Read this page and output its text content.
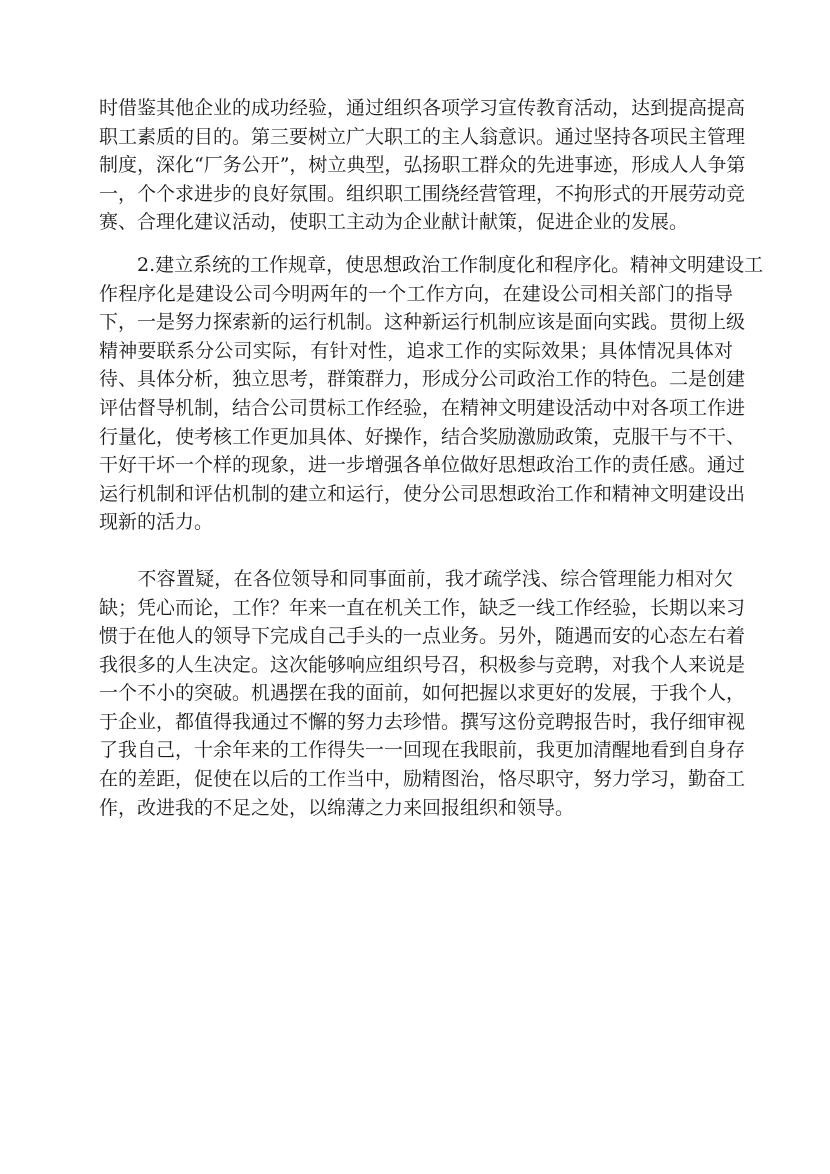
时借鉴其他企业的成功经验，通过组织各项学习宣传教育活动，达到提高提高
职工素质的目的。第三要树立广大职工的主人翁意识。通过坚持各项民主管理
制度，深化“厂务公开”，树立典型，弘扬职工群众的先进事迹，形成人人争第
一，个个求进步的良好氛围。组织职工围绕经营管理，不拘形式的开展劳动竞
赛、合理化建议活动，使职工主动为企业献计献策，促进企业的发展。
　　2.建立系统的工作规章，使思想政治工作制度化和程序化。精神文明建设工
作程序化是建设公司今明两年的一个工作方向，在建设公司相关部门的指导
下，一是努力探索新的运行机制。这种新运行机制应该是面向实践。贯彻上级
精神要联系分公司实际，有针对性，追求工作的实际效果；具体情况具体对
待、具体分析，独立思考，群策群力，形成分公司政治工作的特色。二是创建
评估督导机制，结合公司贯标工作经验，在精神文明建设活动中对各项工作进
行量化，使考核工作更加具体、好操作，结合奖励激励政策，克服干与不干、
干好干坏一个样的现象，进一步增强各单位做好思想政治工作的责任感。通过
运行机制和评估机制的建立和运行，使分公司思想政治工作和精神文明建设出
现新的活力。
　　不容置疑，在各位领导和同事面前，我才疏学浅、综合管理能力相对欠
缺；凭心而论，工作？年来一直在机关工作，缺乏一线工作经验，长期以来习
惯于在他人的领导下完成自己手头的一点业务。另外，随遇而安的心态左右着
我很多的人生决定。这次能够响应组织号召，积极参与竞聘，对我个人来说是
一个不小的突破。机遇摆在我的面前，如何把握以求更好的发展，于我个人，
于企业，都值得我通过不懈的努力去珍惜。撰写这份竞聘报告时，我仔细审视
了我自己，十余年来的工作得失一一回现在我眼前，我更加清醒地看到自身存
在的差距，促使在以后的工作当中，励精图治，恪尽职守，努力学习，勤奋工
作，改进我的不足之处，以绵薄之力来回报组织和领导。
